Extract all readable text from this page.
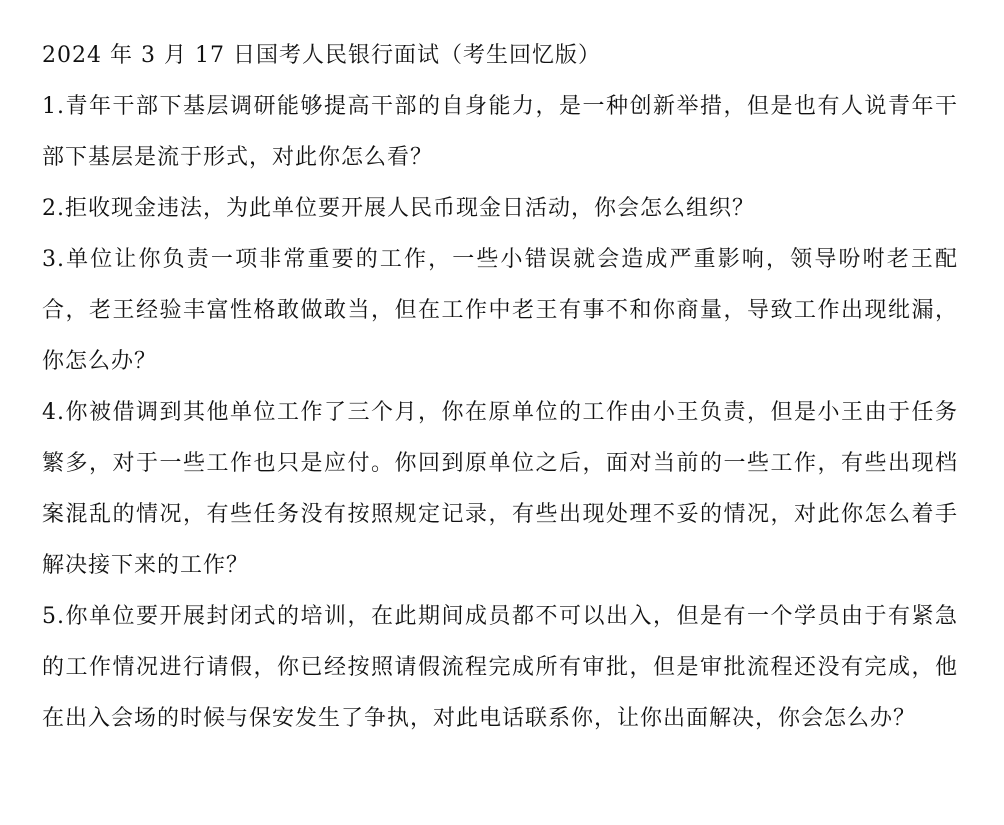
2024 年 3 月 17 日国考人民银行面试（考生回忆版）

1.青年干部下基层调研能够提高干部的自身能力，是一种创新举措，但是也有人说青年干部下基层是流于形式，对此你怎么看？

2.拒收现金违法，为此单位要开展人民币现金日活动，你会怎么组织？

3.单位让你负责一项非常重要的工作，一些小错误就会造成严重影响，领导吩咐老王配合，老王经验丰富性格敢做敢当，但在工作中老王有事不和你商量，导致工作出现纰漏，你怎么办？

4.你被借调到其他单位工作了三个月，你在原单位的工作由小王负责，但是小王由于任务繁多，对于一些工作也只是应付。你回到原单位之后，面对当前的一些工作，有些出现档案混乱的情况，有些任务没有按照规定记录，有些出现处理不妥的情况，对此你怎么着手解决接下来的工作？

5.你单位要开展封闭式的培训，在此期间成员都不可以出入，但是有一个学员由于有紧急的工作情况进行请假，你已经按照请假流程完成所有审批，但是审批流程还没有完成，他在出入会场的时候与保安发生了争执，对此电话联系你，让你出面解决，你会怎么办？
